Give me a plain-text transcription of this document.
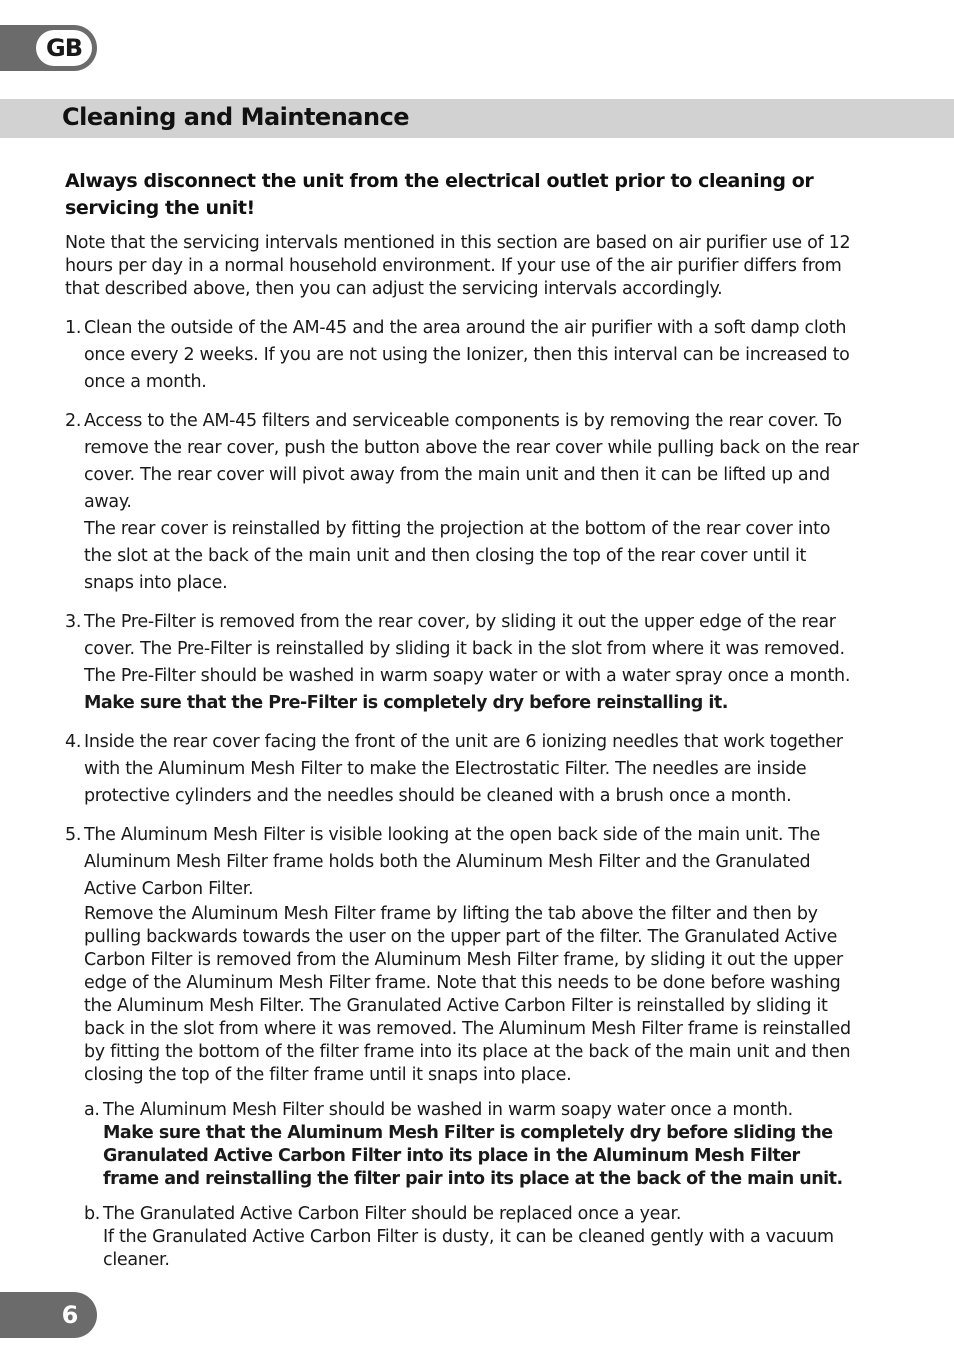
GB
Cleaning and Maintenance

Always disconnect the unit from the electrical outlet prior to cleaning or servicing the unit!

Note that the servicing intervals mentioned in this section are based on air purifier use of 12 hours per day in a normal household environment. If your use of the air purifier differs from that described above, then you can adjust the servicing intervals accordingly.

1. Clean the outside of the AM-45 and the area around the air purifier with a soft damp cloth once every 2 weeks. If you are not using the Ionizer, then this interval can be increased to once a month.

2. Access to the AM-45 filters and serviceable components is by removing the rear cover. To remove the rear cover, push the button above the rear cover while pulling back on the rear cover. The rear cover will pivot away from the main unit and then it can be lifted up and away.

The rear cover is reinstalled by fitting the projection at the bottom of the rear cover into the slot at the back of the main unit and then closing the top of the rear cover until it snaps into place.

3. The Pre-Filter is removed from the rear cover, by sliding it out the upper edge of the rear cover. The Pre-Filter is reinstalled by sliding it back in the slot from where it was removed. The Pre-Filter should be washed in warm soapy water or with a water spray once a month.

Make sure that the Pre-Filter is completely dry before reinstalling it.

4. Inside the rear cover facing the front of the unit are 6 ionizing needles that work together with the Aluminum Mesh Filter to make the Electrostatic Filter. The needles are inside protective cylinders and the needles should be cleaned with a brush once a month.

5. The Aluminum Mesh Filter is visible looking at the open back side of the main unit. The Aluminum Mesh Filter frame holds both the Aluminum Mesh Filter and the Granulated Active Carbon Filter.

Remove the Aluminum Mesh Filter frame by lifting the tab above the filter and then by pulling backwards towards the user on the upper part of the filter. The Granulated Active Carbon Filter is removed from the Aluminum Mesh Filter frame, by sliding it out the upper edge of the Aluminum Mesh Filter frame. Note that this needs to be done before washing the Aluminum Mesh Filter. The Granulated Active Carbon Filter is reinstalled by sliding it back in the slot from where it was removed. The Aluminum Mesh Filter frame is reinstalled by fitting the bottom of the filter frame into its place at the back of the main unit and then closing the top of the filter frame until it snaps into place.

a. The Aluminum Mesh Filter should be washed in warm soapy water once a month.

Make sure that the Aluminum Mesh Filter is completely dry before sliding the Granulated Active Carbon Filter into its place in the Aluminum Mesh Filter frame and reinstalling the filter pair into its place at the back of the main unit.

b. The Granulated Active Carbon Filter should be replaced once a year.

If the Granulated Active Carbon Filter is dusty, it can be cleaned gently with a vacuum cleaner.

6
